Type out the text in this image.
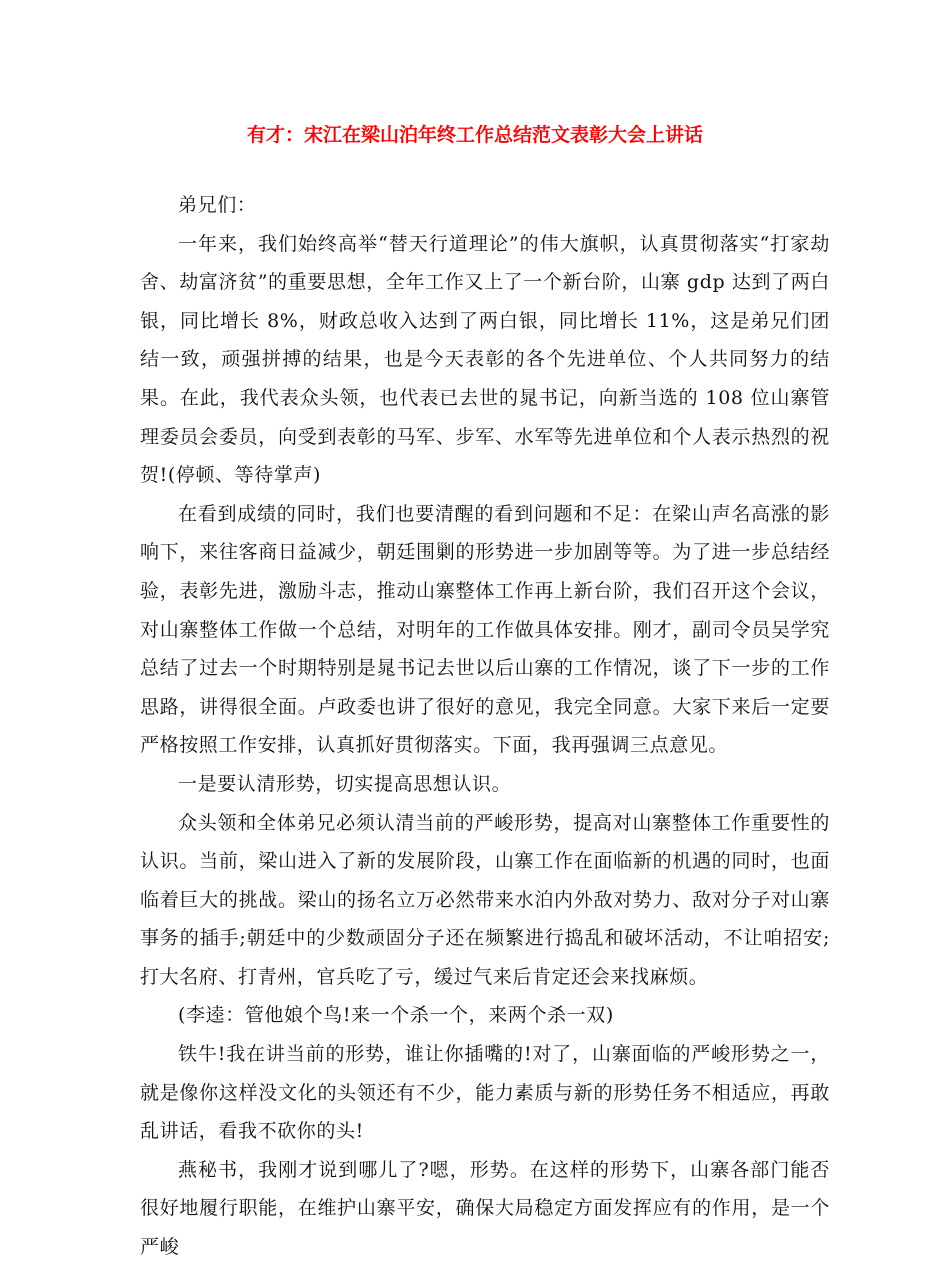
有才：宋江在梁山泊年终工作总结范文表彰大会上讲话

弟兄们：

一年来，我们始终高举“替天行道理论”的伟大旗帜，认真贯彻落实“打家劫舍、劫富济贫”的重要思想，全年工作又上了一个新台阶，山寨 gdp 达到了两白银，同比增长 8%，财政总收入达到了两白银，同比增长 11%，这是弟兄们团结一致，顽强拼搏的结果，也是今天表彰的各个先进单位、个人共同努力的结果。在此，我代表众头领，也代表已去世的晁书记，向新当选的 108 位山寨管理委员会委员，向受到表彰的马军、步军、水军等先进单位和个人表示热烈的祝贺!(停顿、等待掌声)

在看到成绩的同时，我们也要清醒的看到问题和不足：在梁山声名高涨的影响下，来往客商日益减少，朝廷围剿的形势进一步加剧等等。为了进一步总结经验，表彰先进，激励斗志，推动山寨整体工作再上新台阶，我们召开这个会议，对山寨整体工作做一个总结，对明年的工作做具体安排。刚才，副司令员吴学究总结了过去一个时期特别是晁书记去世以后山寨的工作情况，谈了下一步的工作思路，讲得很全面。卢政委也讲了很好的意见，我完全同意。大家下来后一定要严格按照工作安排，认真抓好贯彻落实。下面，我再强调三点意见。

一是要认清形势，切实提高思想认识。

众头领和全体弟兄必须认清当前的严峻形势，提高对山寨整体工作重要性的认识。当前，梁山进入了新的发展阶段，山寨工作在面临新的机遇的同时，也面临着巨大的挑战。梁山的扬名立万必然带来水泊内外敌对势力、敌对分子对山寨事务的插手;朝廷中的少数顽固分子还在频繁进行捣乱和破坏活动，不让咱招安;打大名府、打青州，官兵吃了亏，缓过气来后肯定还会来找麻烦。

(李逵：管他娘个鸟!来一个杀一个，来两个杀一双)

铁牛!我在讲当前的形势，谁让你插嘴的!对了，山寨面临的严峻形势之一，就是像你这样没文化的头领还有不少，能力素质与新的形势任务不相适应，再敢乱讲话，看我不砍你的头!

燕秘书，我刚才说到哪儿了?嗯，形势。在这样的形势下，山寨各部门能否很好地履行职能，在维护山寨平安，确保大局稳定方面发挥应有的作用，是一个严峻
